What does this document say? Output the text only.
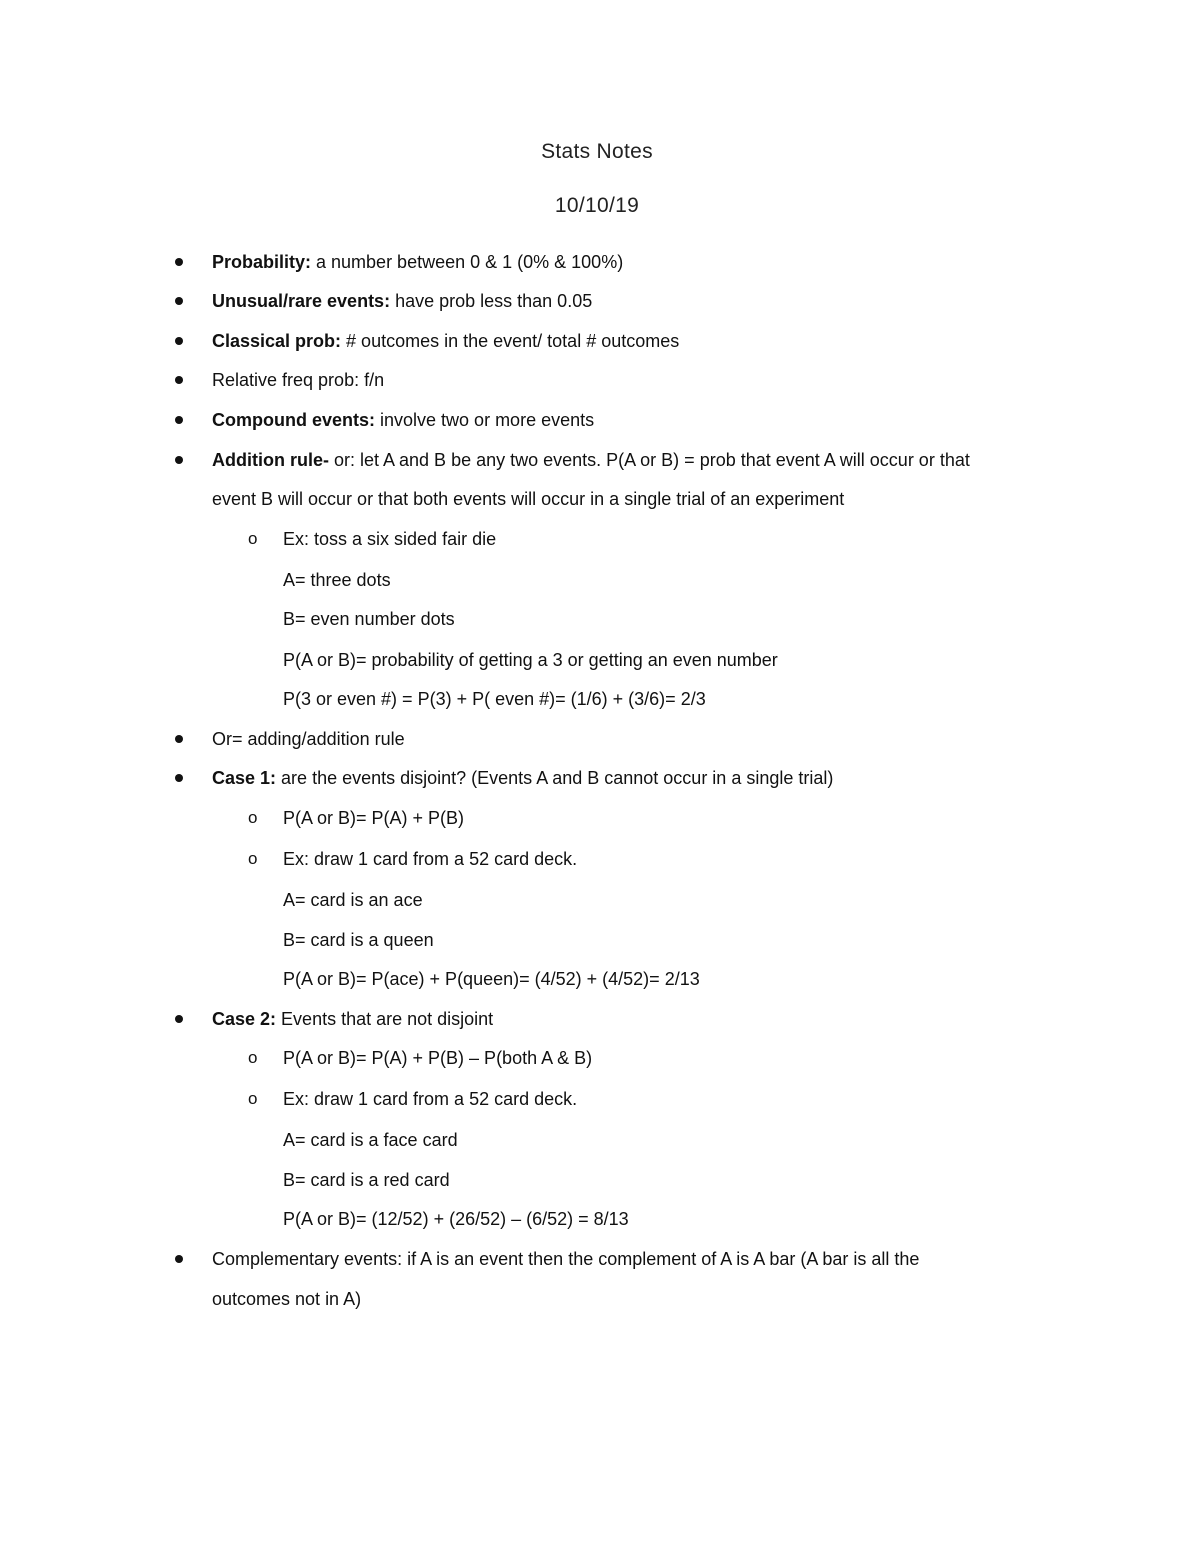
Stats Notes
10/10/19
Probability: a number between 0 & 1 (0% & 100%)
Unusual/rare events: have prob less than 0.05
Classical prob: # outcomes in the event/ total # outcomes
Relative freq prob: f/n
Compound events: involve two or more events
Addition rule- or: let A and B be any two events. P(A or B) = prob that event A will occur or that
event B will occur or that both events will occur in a single trial of an experiment
o Ex: toss a six sided fair die
A= three dots
B= even number dots
P(A or B)= probability of getting a 3 or getting an even number
P(3 or even #) = P(3) + P( even #)= (1/6) + (3/6)= 2/3
Or= adding/addition rule
Case 1: are the events disjoint? (Events A and B cannot occur in a single trial)
o P(A or B)= P(A) + P(B)
o Ex: draw 1 card from a 52 card deck.
A= card is an ace
B= card is a queen
P(A or B)= P(ace) + P(queen)= (4/52) + (4/52)= 2/13
Case 2: Events that are not disjoint
o P(A or B)= P(A) + P(B) – P(both A & B)
o Ex: draw 1 card from a 52 card deck.
A= card is a face card
B= card is a red card
P(A or B)= (12/52) + (26/52) – (6/52) = 8/13
Complementary events: if A is an event then the complement of A is A bar (A bar is all the
outcomes not in A)
